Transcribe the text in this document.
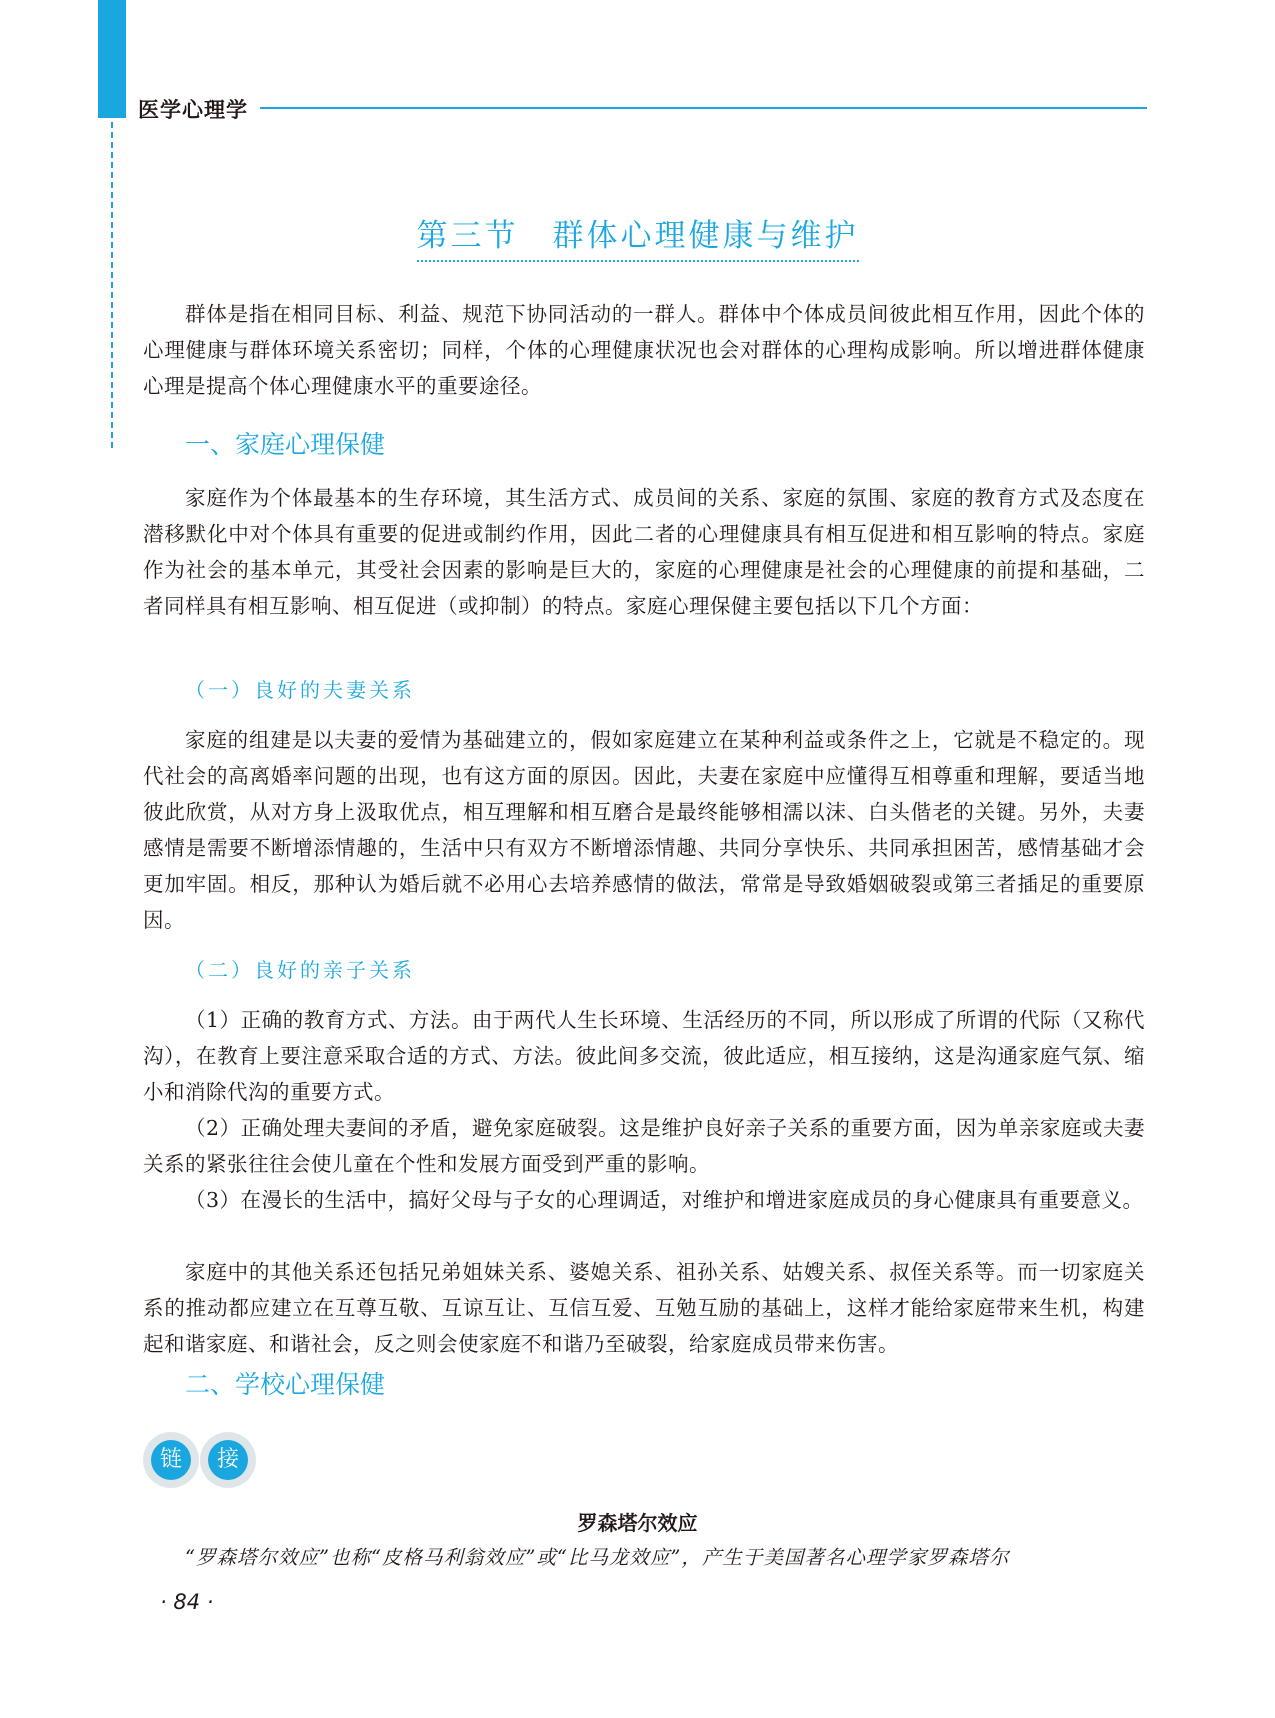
医学心理学
第三节　群体心理健康与维护
群体是指在相同目标、利益、规范下协同活动的一群人。群体中个体成员间彼此相互作用，因此个体的心理健康与群体环境关系密切；同样，个体的心理健康状况也会对群体的心理构成影响。所以增进群体健康心理是提高个体心理健康水平的重要途径。
一、家庭心理保健
家庭作为个体最基本的生存环境，其生活方式、成员间的关系、家庭的氛围、家庭的教育方式及态度在潜移默化中对个体具有重要的促进或制约作用，因此二者的心理健康具有相互促进和相互影响的特点。家庭作为社会的基本单元，其受社会因素的影响是巨大的，家庭的心理健康是社会的心理健康的前提和基础，二者同样具有相互影响、相互促进（或抑制）的特点。家庭心理保健主要包括以下几个方面：
（一）良好的夫妻关系
家庭的组建是以夫妻的爱情为基础建立的，假如家庭建立在某种利益或条件之上，它就是不稳定的。现代社会的高离婚率问题的出现，也有这方面的原因。因此，夫妻在家庭中应懂得互相尊重和理解，要适当地彼此欣赏，从对方身上汲取优点，相互理解和相互磨合是最终能够相濡以沫、白头偕老的关键。另外，夫妻感情是需要不断增添情趣的，生活中只有双方不断增添情趣、共同分享快乐、共同承担困苦，感情基础才会更加牢固。相反，那种认为婚后就不必用心去培养感情的做法，常常是导致婚姻破裂或第三者插足的重要原因。
（二）良好的亲子关系
（1）正确的教育方式、方法。由于两代人生长环境、生活经历的不同，所以形成了所谓的代际（又称代沟），在教育上要注意采取合适的方式、方法。彼此间多交流，彼此适应，相互接纳，这是沟通家庭气氛、缩小和消除代沟的重要方式。
（2）正确处理夫妻间的矛盾，避免家庭破裂。这是维护良好亲子关系的重要方面，因为单亲家庭或夫妻关系的紧张往往会使儿童在个性和发展方面受到严重的影响。
（3）在漫长的生活中，搞好父母与子女的心理调适，对维护和增进家庭成员的身心健康具有重要意义。
家庭中的其他关系还包括兄弟姐妹关系、婆媳关系、祖孙关系、姑嫂关系、叔侄关系等。而一切家庭关系的推动都应建立在互尊互敬、互谅互让、互信互爱、互勉互励的基础上，这样才能给家庭带来生机，构建起和谐家庭、和谐社会，反之则会使家庭不和谐乃至破裂，给家庭成员带来伤害。
二、学校心理保健
链	接
罗森塔尔效应
“罗森塔尔效应”也称“皮格马利翁效应”或“比马龙效应”，产生于美国著名心理学家罗森塔尔
· 84 ·
